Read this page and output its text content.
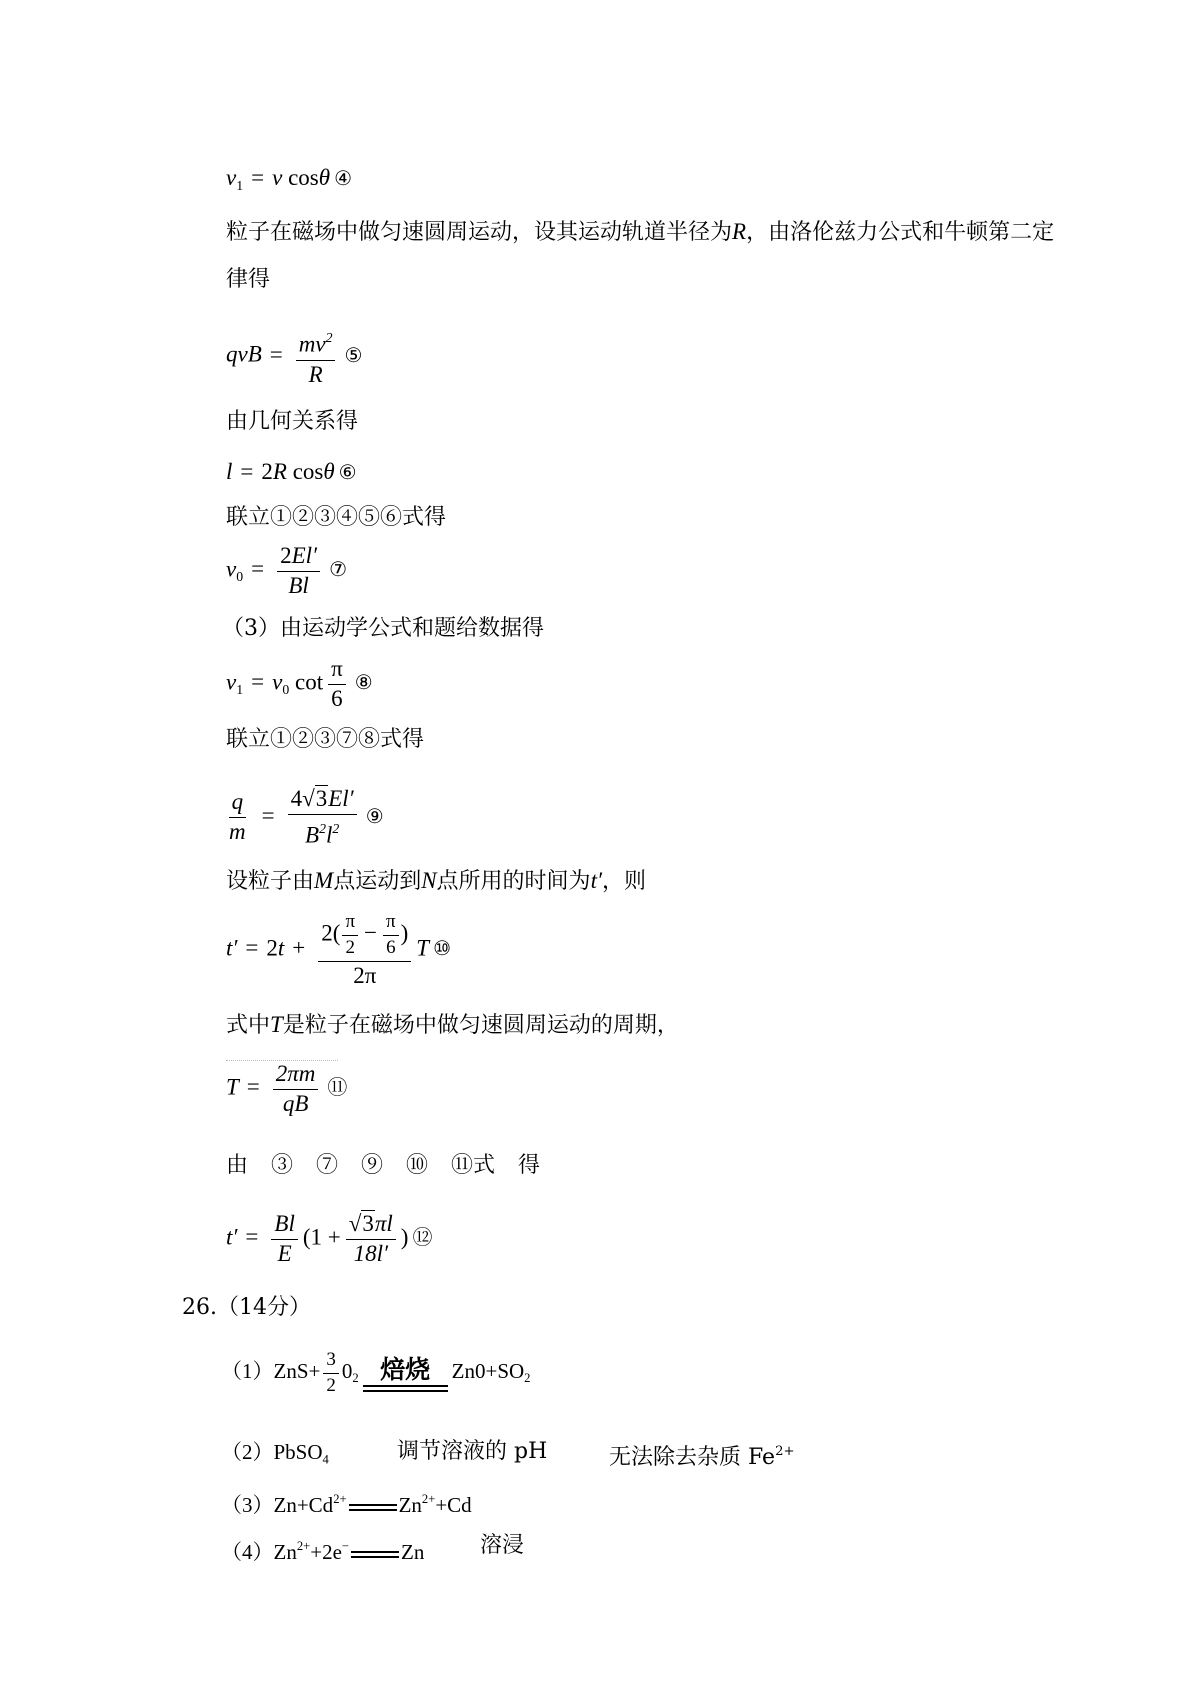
$v_1 = v$ cosθ ④
粒子在磁场中做匀速圆周运动，设其运动轨道半径为R，由洛伦兹力公式和牛顿第二定
律得
qvB = $\frac{mv^2}{R}$ ⑤
由几何关系得
l = 2R cosθ ⑥
联立①②③④⑤⑥式得
$v_0 = \frac{2El'}{Bl}$ ⑦
（3）由运动学公式和题给数据得
$v_1 = v_0$ $\cot \frac{\pi}{6}$ ⑧
联立①②③⑦⑧式得
$\frac{q}{m} = \frac{4√3El'}{B^2l^2}$ ⑨
设粒子由M点运动到N点所用的时间为t′，则
$t' = 2t + \frac{2( \frac{\pi}{2} - \frac{\pi}{6} )}{2\pi}$ T ⑩
式中T是粒子在磁场中做匀速圆周运动的周期，
$T = \frac{2\pi m}{qB}$ ⑪
由 ③ ⑦ ⑨ ⑩ ⑪式 得
$t' = \frac{Bl}{E} (1 + \frac{√3\pi l}{18l'}$ ) ⑫
26.（14分）
$(1)ZnS+ \frac{3}{2} 0_2$ 焙烧 $Zn0+SO_2$
（2）PbSO$_4$	调节溶液的 pH	无法除去杂质 $Fe^{2+}$
$(3)Zn+Cd^{2+}$ $Zn^{2+}+Cd$
$(4)Zn^{2+}+2e^-$ Zn	溶浸
